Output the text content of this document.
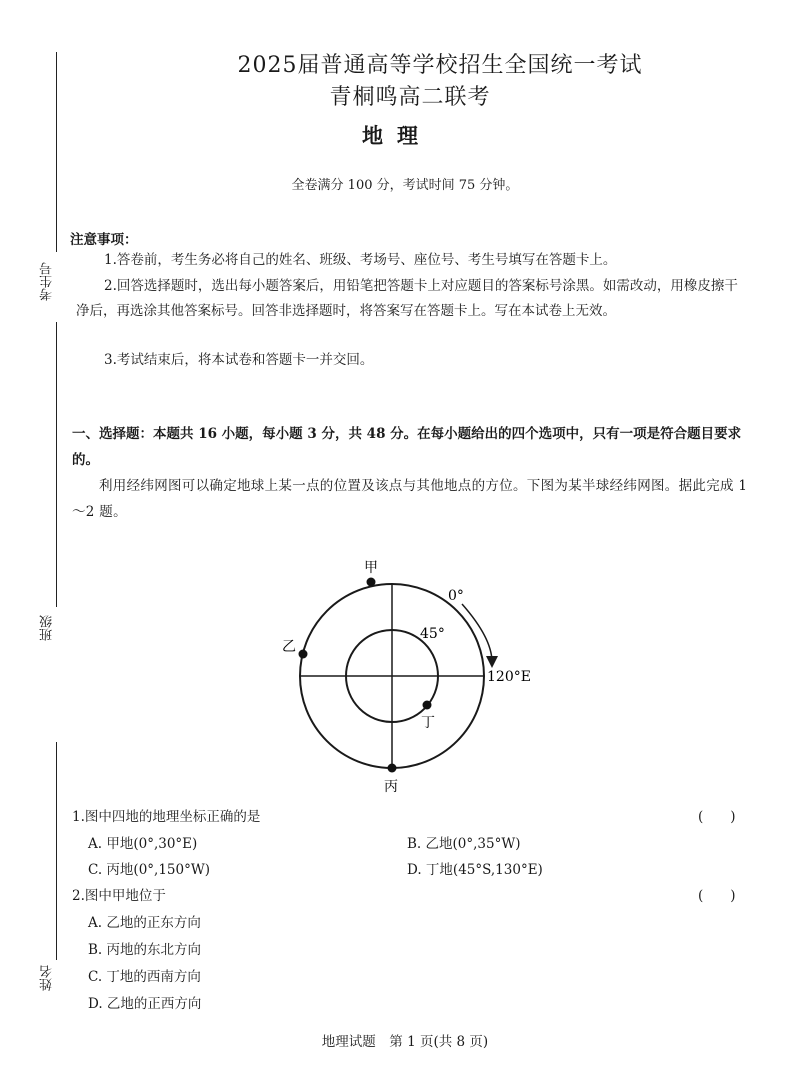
2025届普通高等学校招生全国统一考试
青桐鸣高二联考
地理
全卷满分 100 分，考试时间 75 分钟。
考生号
班级
姓名
注意事项：
1.答卷前，考生务必将自己的姓名、班级、考场号、座位号、考生号填写在答题卡上。
2.回答选择题时，选出每小题答案后，用铅笔把答题卡上对应题目的答案标号涂黑。如需改动，用橡皮擦干净后，再选涂其他答案标号。回答非选择题时，将答案写在答题卡上。写在本试卷上无效。
3.考试结束后，将本试卷和答题卡一并交回。
一、选择题：本题共 16 小题，每小题 3 分，共 48 分。在每小题给出的四个选项中，只有一项是符合题目要求的。
利用经纬网图可以确定地球上某一点的位置及该点与其他地点的方位。下图为某半球经纬网图。据此完成 1～2 题。
甲
乙
丙
丁
0°
45°
120°E
1.图中四地的地理坐标正确的是	(　　)
A. 甲地(0°,30°E)	B. 乙地(0°,35°W)
C. 丙地(0°,150°W)	D. 丁地(45°S,130°E)
2.图中甲地位于	(　　)
A. 乙地的正东方向
B. 丙地的东北方向
C. 丁地的西南方向
D. 乙地的正西方向
地理试题　第 1 页(共 8 页)
